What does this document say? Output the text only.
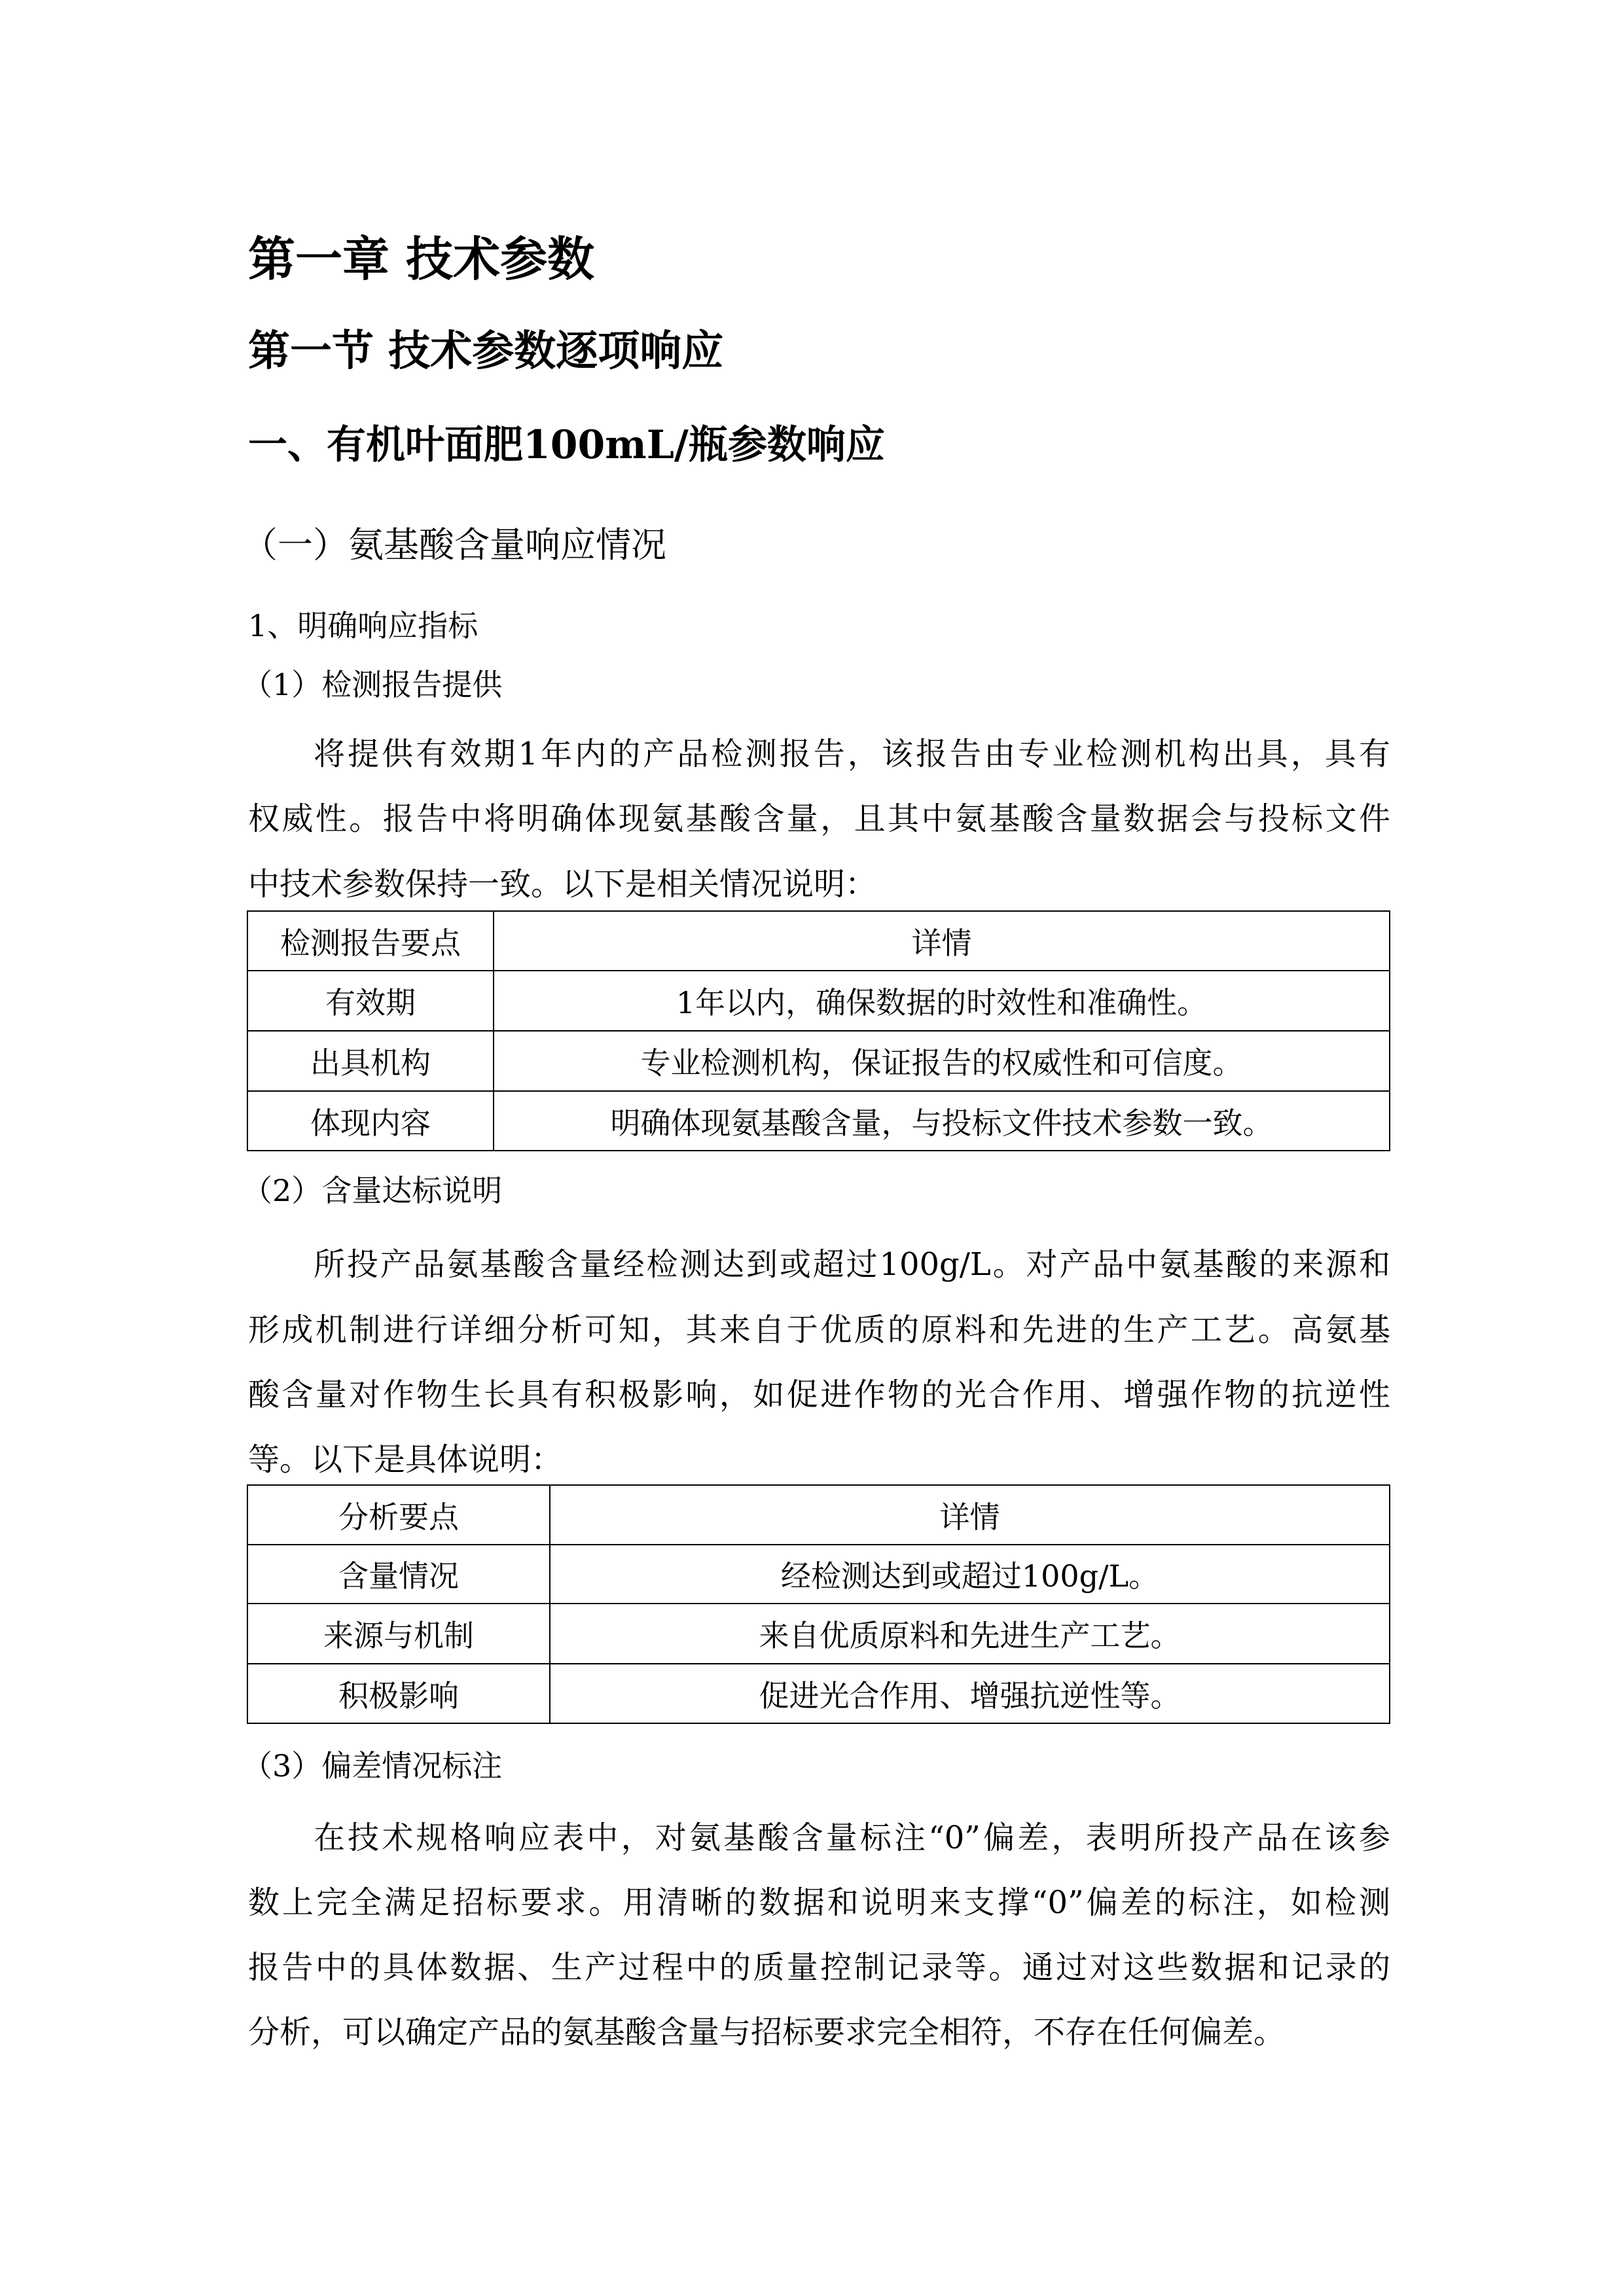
第一章 技术参数
第一节 技术参数逐项响应
一、有机叶面肥100mL/瓶参数响应
（一）氨基酸含量响应情况
1、明确响应指标
（1）检测报告提供
将提供有效期1年内的产品检测报告，该报告由专业检测机构出具，具有
权威性。报告中将明确体现氨基酸含量，且其中氨基酸含量数据会与投标文件
中技术参数保持一致。以下是相关情况说明：
检测报告要点	详情
有效期	1年以内，确保数据的时效性和准确性。
出具机构	专业检测机构，保证报告的权威性和可信度。
体现内容	明确体现氨基酸含量，与投标文件技术参数一致。
（2）含量达标说明
所投产品氨基酸含量经检测达到或超过100g/L。对产品中氨基酸的来源和
形成机制进行详细分析可知，其来自于优质的原料和先进的生产工艺。高氨基
酸含量对作物生长具有积极影响，如促进作物的光合作用、增强作物的抗逆性
等。以下是具体说明：
分析要点	详情
含量情况	经检测达到或超过100g/L。
来源与机制	来自优质原料和先进生产工艺。
积极影响	促进光合作用、增强抗逆性等。
（3）偏差情况标注
在技术规格响应表中，对氨基酸含量标注“0”偏差，表明所投产品在该参
数上完全满足招标要求。用清晰的数据和说明来支撑“0”偏差的标注，如检测
报告中的具体数据、生产过程中的质量控制记录等。通过对这些数据和记录的
分析，可以确定产品的氨基酸含量与招标要求完全相符，不存在任何偏差。
